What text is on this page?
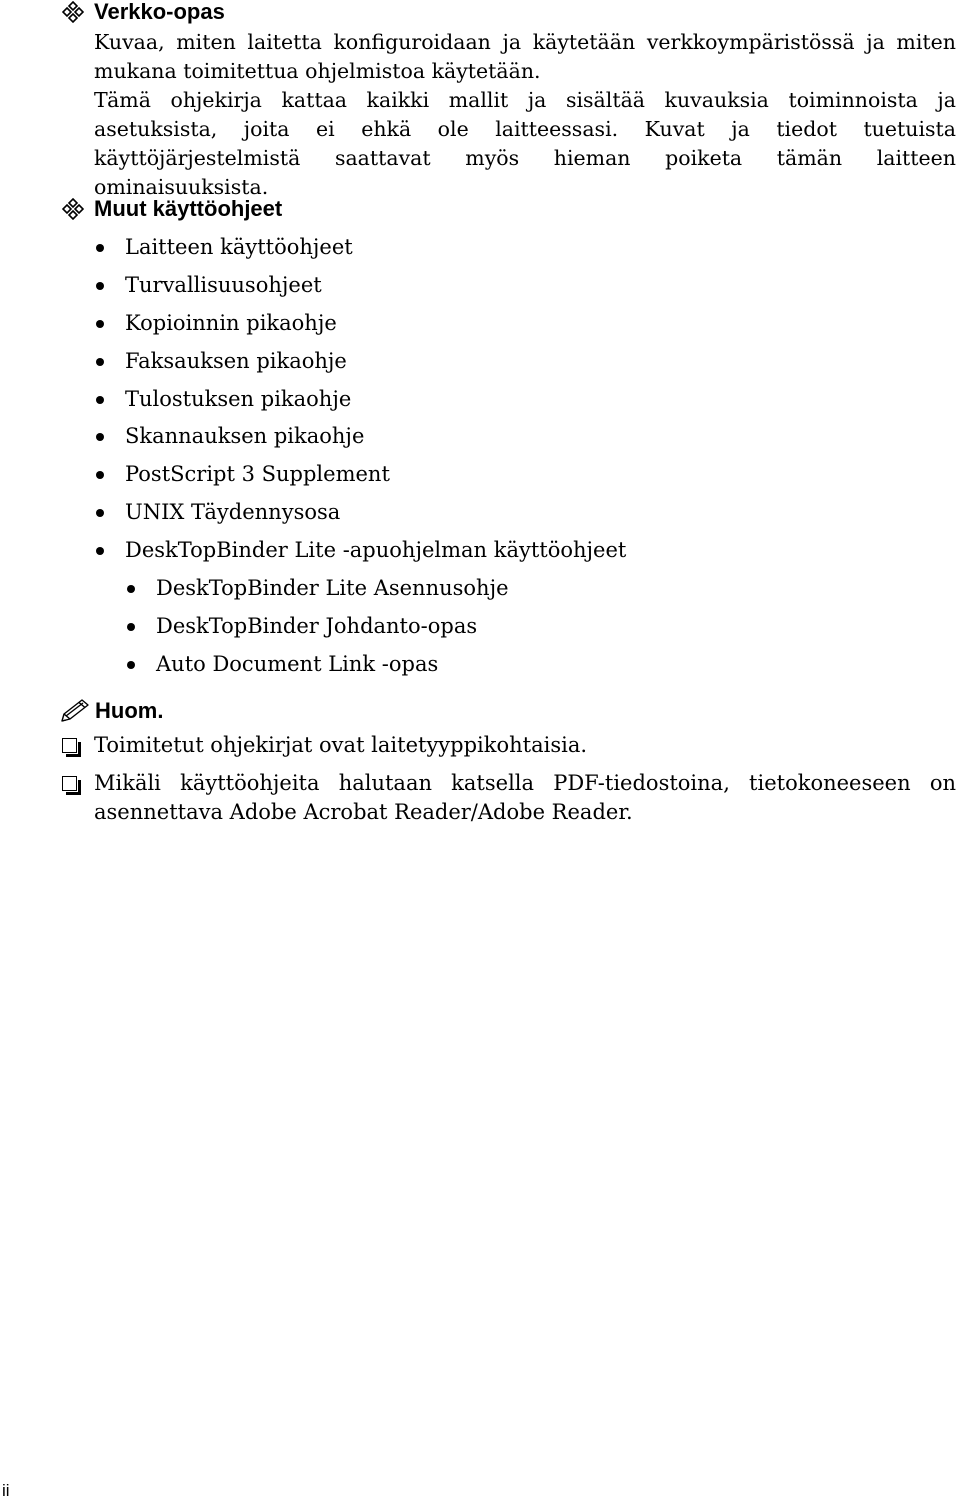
Verkko-opas
Kuvaa, miten laitetta konfiguroidaan ja käytetään verkkoympäristössä ja miten mukana toimitettua ohjelmistoa käytetään.
Tämä ohjekirja kattaa kaikki mallit ja sisältää kuvauksia toiminnoista ja asetuksista, joita ei ehkä ole laitteessasi. Kuvat ja tiedot tuetuista käyttöjärjestelmistä saattavat myös hieman poiketa tämän laitteen ominaisuuksista.
Muut käyttöohjeet
Laitteen käyttöohjeet
Turvallisuusohjeet
Kopioinnin pikaohje
Faksauksen pikaohje
Tulostuksen pikaohje
Skannauksen pikaohje
PostScript 3 Supplement
UNIX Täydennysosa
DeskTopBinder Lite -apuohjelman käyttöohjeet
DeskTopBinder Lite Asennusohje
DeskTopBinder Johdanto-opas
Auto Document Link -opas
Huom.
Toimitetut ohjekirjat ovat laitetyyppikohtaisia.
Mikäli käyttöohjeita halutaan katsella PDF-tiedostoina, tietokoneeseen on asennettava Adobe Acrobat Reader/Adobe Reader.
ii
